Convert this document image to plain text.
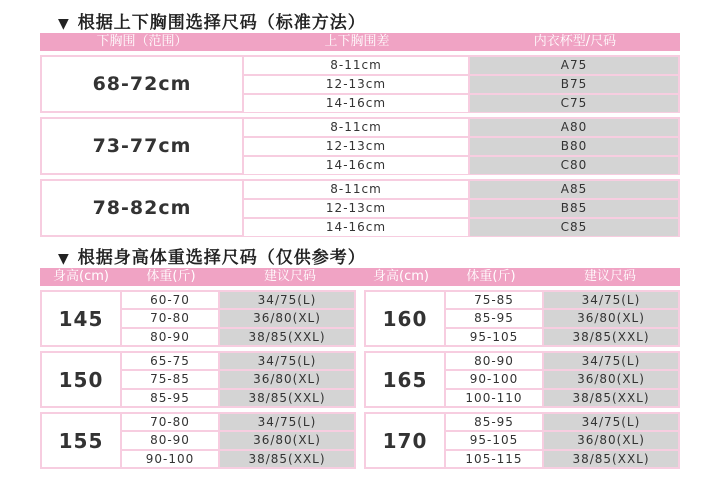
▼ 根据上下胸围选择尺码（标准方法）
下胸围（范围）	上下胸围差	内衣杯型/尺码
68-72cm
8-11cm	A75
12-13cm	B75
14-16cm	C75
73-77cm
8-11cm	A80
12-13cm	B80
14-16cm	C80
78-82cm
8-11cm	A85
12-13cm	B85
14-16cm	C85
▼ 根据身高体重选择尺码（仅供参考）
身高(cm)	体重(斤)	建议尺码	身高(cm)	体重(斤)	建议尺码
145
60-70	34/75(L)
70-80	36/80(XL)
80-90	38/85(XXL)
150
65-75	34/75(L)
75-85	36/80(XL)
85-95	38/85(XXL)
155
70-80	34/75(L)
80-90	36/80(XL)
90-100	38/85(XXL)
160
75-85	34/75(L)
85-95	36/80(XL)
95-105	38/85(XXL)
165
80-90	34/75(L)
90-100	36/80(XL)
100-110	38/85(XXL)
170
85-95	34/75(L)
95-105	36/80(XL)
105-115	38/85(XXL)
